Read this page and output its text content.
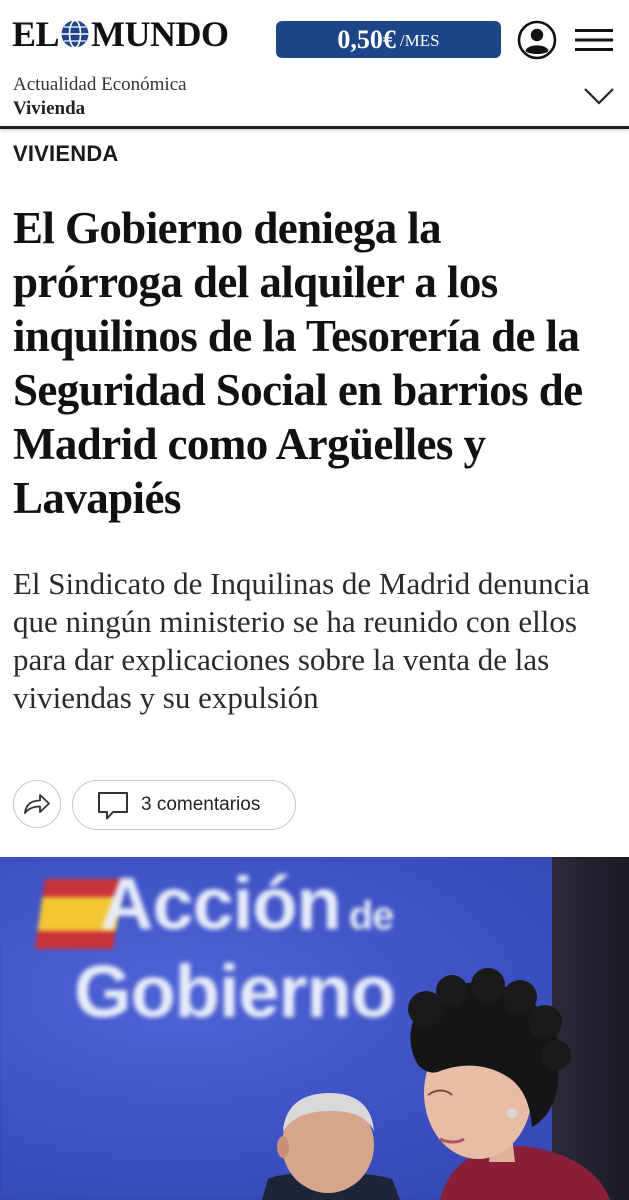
EL MUNDO	0,50€ /MES
Actualidad Económica
Vivienda
VIVIENDA
El Gobierno deniega la prórroga del alquiler a los inquilinos de la Tesorería de la Seguridad Social en barrios de Madrid como Argüelles y Lavapiés

El Sindicato de Inquilinas de Madrid denuncia que ningún ministerio se ha reunido con ellos para dar explicaciones sobre la venta de las viviendas y su expulsión

3 comentarios
Acción de
Gobierno
